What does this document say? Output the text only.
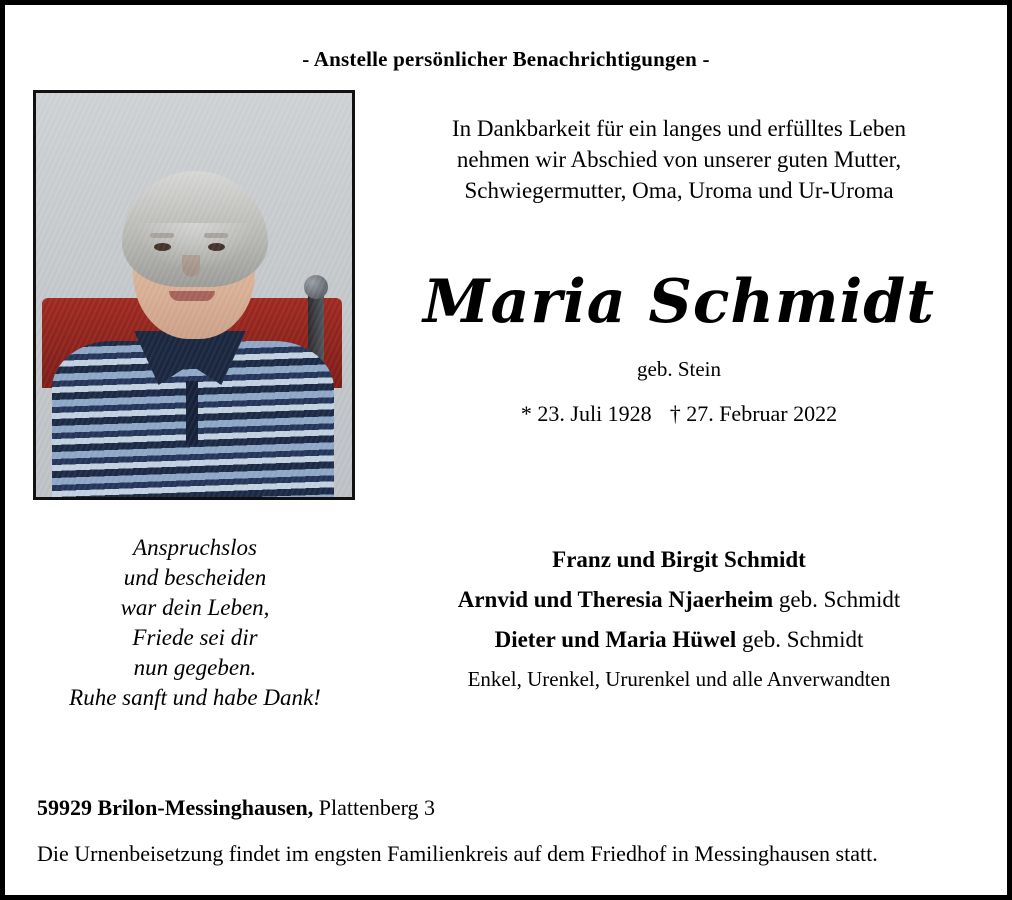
- Anstelle persönlicher Benachrichtigungen -
In Dankbarkeit für ein langes und erfülltes Leben
nehmen wir Abschied von unserer guten Mutter,
Schwiegermutter, Oma, Uroma und Ur-Uroma
Maria Schmidt
geb. Stein
* 23. Juli 1928 † 27. Februar 2022
Anspruchslos
und bescheiden
war dein Leben,
Friede sei dir
nun gegeben.
Ruhe sanft und habe Dank!
Franz und Birgit Schmidt
Arnvid und Theresia Njaerheim geb. Schmidt
Dieter und Maria Hüwel geb. Schmidt
Enkel, Urenkel, Ururenkel und alle Anverwandten
59929 Brilon-Messinghausen, Plattenberg 3
Die Urnenbeisetzung findet im engsten Familienkreis auf dem Friedhof in Messinghausen statt.
